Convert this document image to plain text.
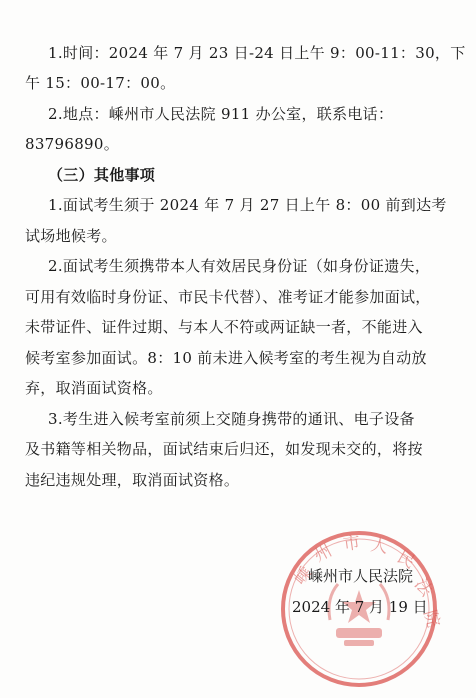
1.时间：2024 年 7 月 23 日-24 日上午 9：00-11：30，下
午 15：00-17：00。
2.地点：嵊州市人民法院 911 办公室，联系电话：
83796890。
（三）其他事项
1.面试考生须于 2024 年 7 月 27 日上午 8：00 前到达考
试场地候考。
2.面试考生须携带本人有效居民身份证（如身份证遗失，
可用有效临时身份证、市民卡代替）、准考证才能参加面试，
未带证件、证件过期、与本人不符或两证缺一者，不能进入
候考室参加面试。8：10 前未进入候考室的考生视为自动放
弃，取消面试资格。
3.考生进入候考室前须上交随身携带的通讯、电子设备
及书籍等相关物品，面试结束后归还，如发现未交的，将按
违纪违规处理，取消面试资格。
嵊
州 市 人
民
法
院
嵊州市人民法院
2024 年 7 月 19 日
